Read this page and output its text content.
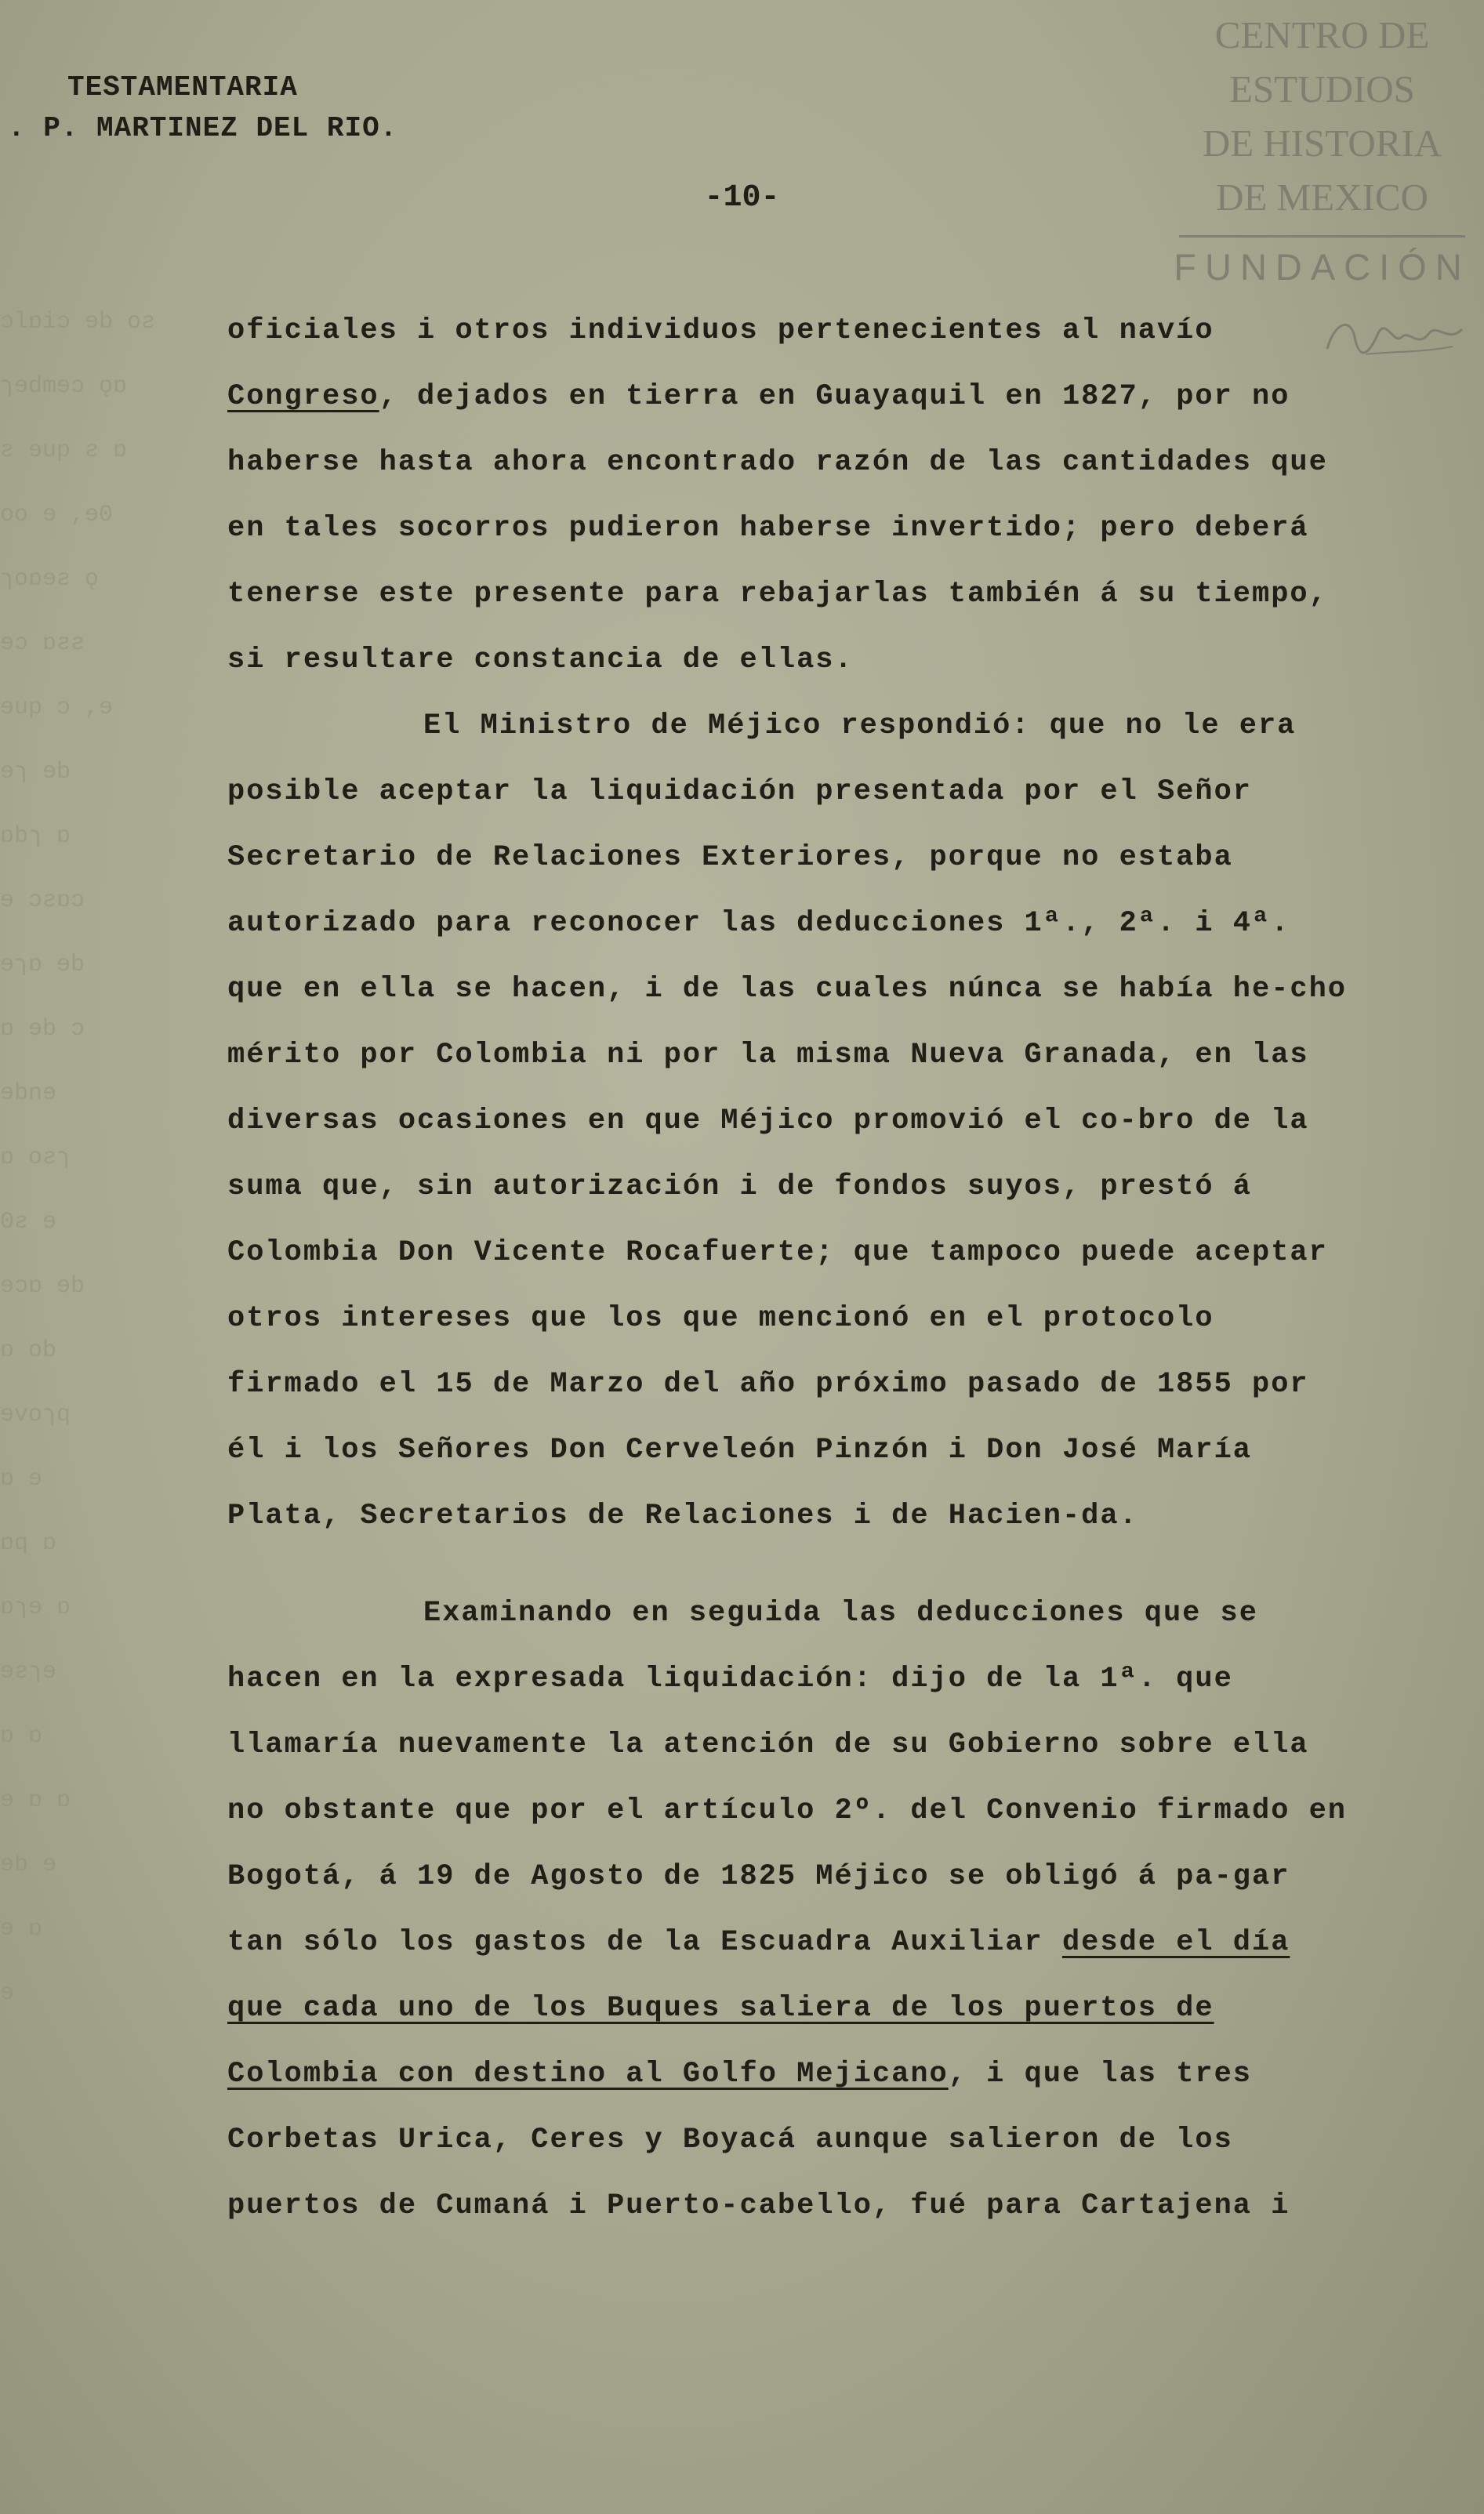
TESTAMENTARIA
. P. MARTINEZ DEL RIO.
-10-
CENTRO DE
ESTUDIOS
DE HISTORIA
DE MEXICO
FUNDACIÓN
ɔlɒiɔ ɘb oƨ
ɿɘdmɘɔ ǫɒ
ƨ ɘup ƨ ɒ
oo ɘ ,ɘ0
ɿoɒɘƨ ǫ
ɘɔ ɒƨƨ
ɘup ɔ ,ɘ
ɘɿ ɘb
ɒbɿ ɒ
ɘ ɔƨɒɔ
ɘɿɒ ɘb
ɒ ɘb ɔ
ɘbnɘ
ɒ oƨɿ
0ƨ ɘ
ɘɔɒ ɘb
ɒ ob
ɘvoɿq
ɒ ɘ
ɒq ɒ
ɒɿɘ ɒ
ɘƨɿɘ
ɒ ɒ
ɘ ɒ ɒ
ɘb ɘ
ɘ ɒ
ɘ

oficiales i otros individuos pertenecientes al navío Congreso, dejados en tierra en Guayaquil en 1827, por no haberse hasta ahora encontrado razón de las cantidades que en tales socorros pudieron haberse invertido; pero deberá tenerse este presente para rebajarlas también á su tiempo, si resultare constancia de ellas.

El Ministro de Méjico respondió: que no le era posible aceptar la liquidación presentada por el Señor Secretario de Relaciones Exteriores, porque no estaba autorizado para reconocer las deducciones 1ª., 2ª. i 4ª. que en ella se hacen, i de las cuales núnca se había he-cho mérito por Colombia ni por la misma Nueva Granada, en las diversas ocasiones en que Méjico promovió el co-bro de la suma que, sin autorización i de fondos suyos, prestó á Colombia Don Vicente Rocafuerte; que tampoco puede aceptar otros intereses que los que mencionó en el protocolo firmado el 15 de Marzo del año próximo pasado de 1855 por él i los Señores Don Cerveleón Pinzón i Don José María Plata, Secretarios de Relaciones i de Hacien-da.

Examinando en seguida las deducciones que se hacen en la expresada liquidación: dijo de la 1ª. que llamaría nuevamente la atención de su Gobierno sobre ella no obstante que por el artículo 2º. del Convenio firmado en Bogotá, á 19 de Agosto de 1825 Méjico se obligó á pa-gar tan sólo los gastos de la Escuadra Auxiliar desde el día que cada uno de los Buques saliera de los puertos de Colombia con destino al Golfo Mejicano, i que las tres Corbetas Urica, Ceres y Boyacá aunque salieron de los puertos de Cumaná i Puerto-cabello, fué para Cartajena i
